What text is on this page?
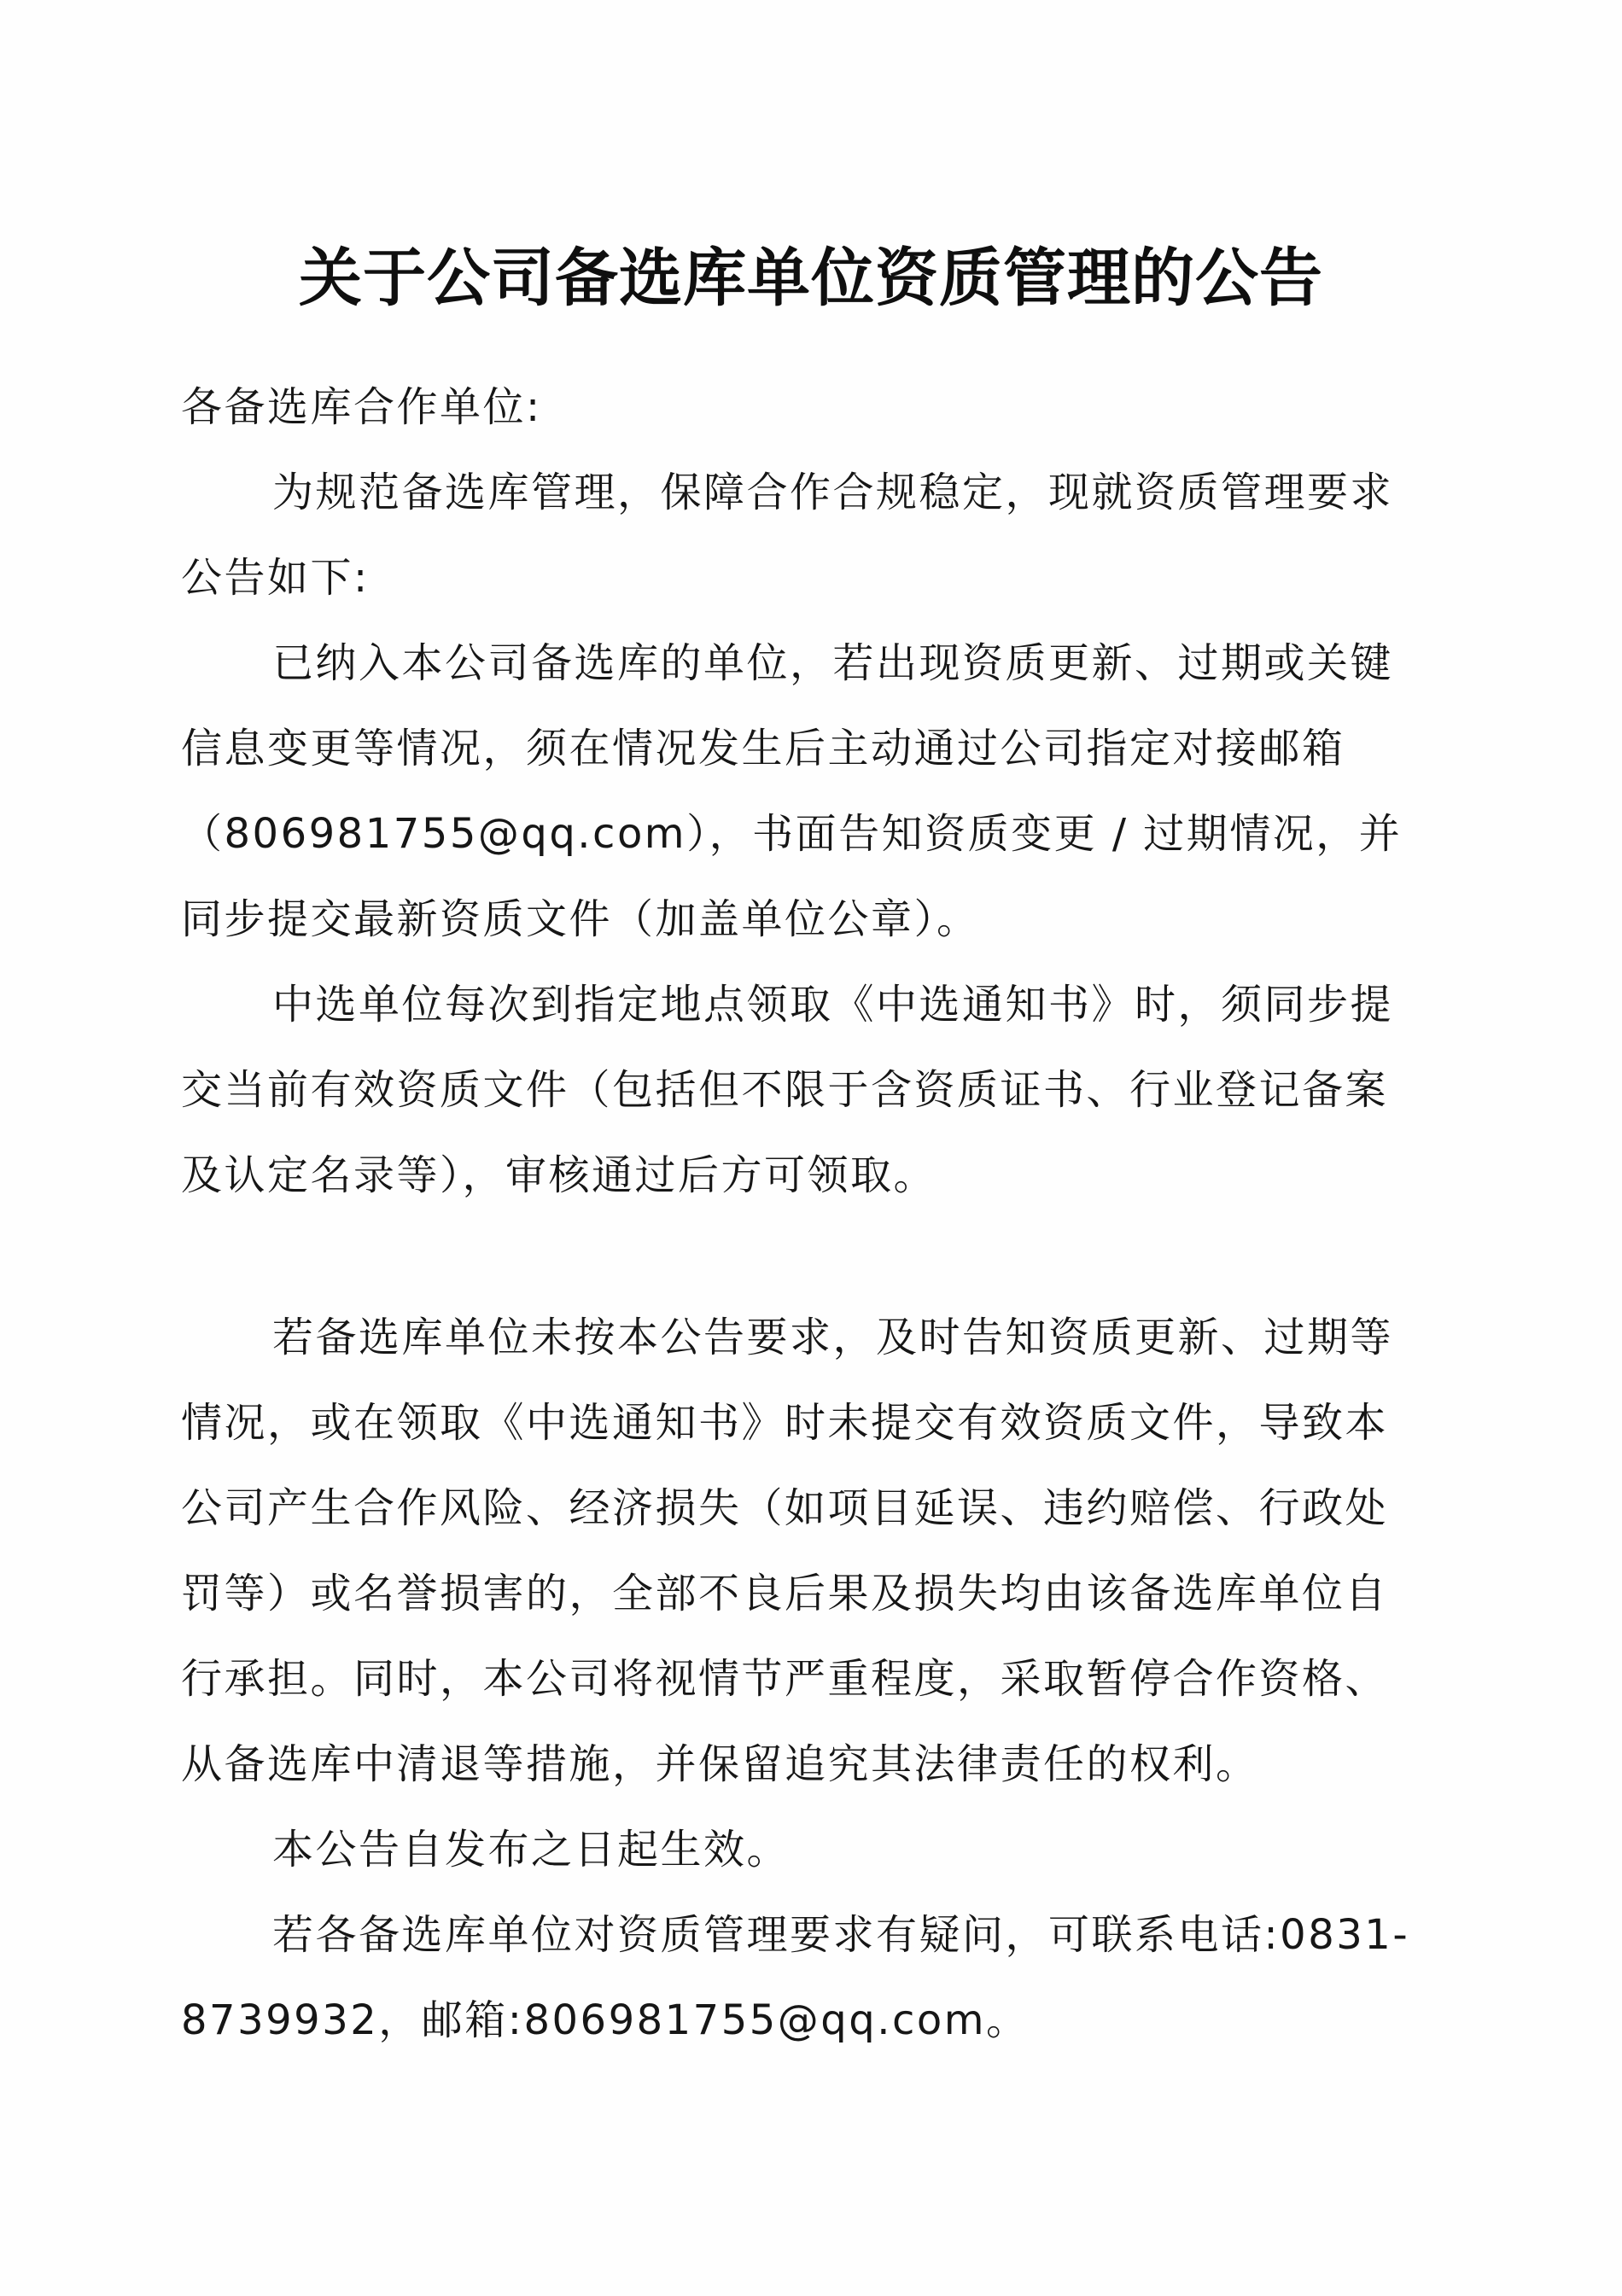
关于公司备选库单位资质管理的公告

各备选库合作单位:

为规范备选库管理，保障合作合规稳定，现就资质管理要求公告如下:

已纳入本公司备选库的单位，若出现资质更新、过期或关键信息变更等情况，须在情况发生后主动通过公司指定对接邮箱（806981755@qq.com），书面告知资质变更 / 过期情况，并同步提交最新资质文件（加盖单位公章）。

中选单位每次到指定地点领取《中选通知书》时，须同步提交当前有效资质文件（包括但不限于含资质证书、行业登记备案及认定名录等），审核通过后方可领取。

若备选库单位未按本公告要求，及时告知资质更新、过期等情况，或在领取《中选通知书》时未提交有效资质文件，导致本公司产生合作风险、经济损失（如项目延误、违约赔偿、行政处罚等）或名誉损害的，全部不良后果及损失均由该备选库单位自行承担。同时，本公司将视情节严重程度，采取暂停合作资格、从备选库中清退等措施，并保留追究其法律责任的权利。

本公告自发布之日起生效。

若各备选库单位对资质管理要求有疑问，可联系电话:0831-8739932，邮箱:806981755@qq.com。
